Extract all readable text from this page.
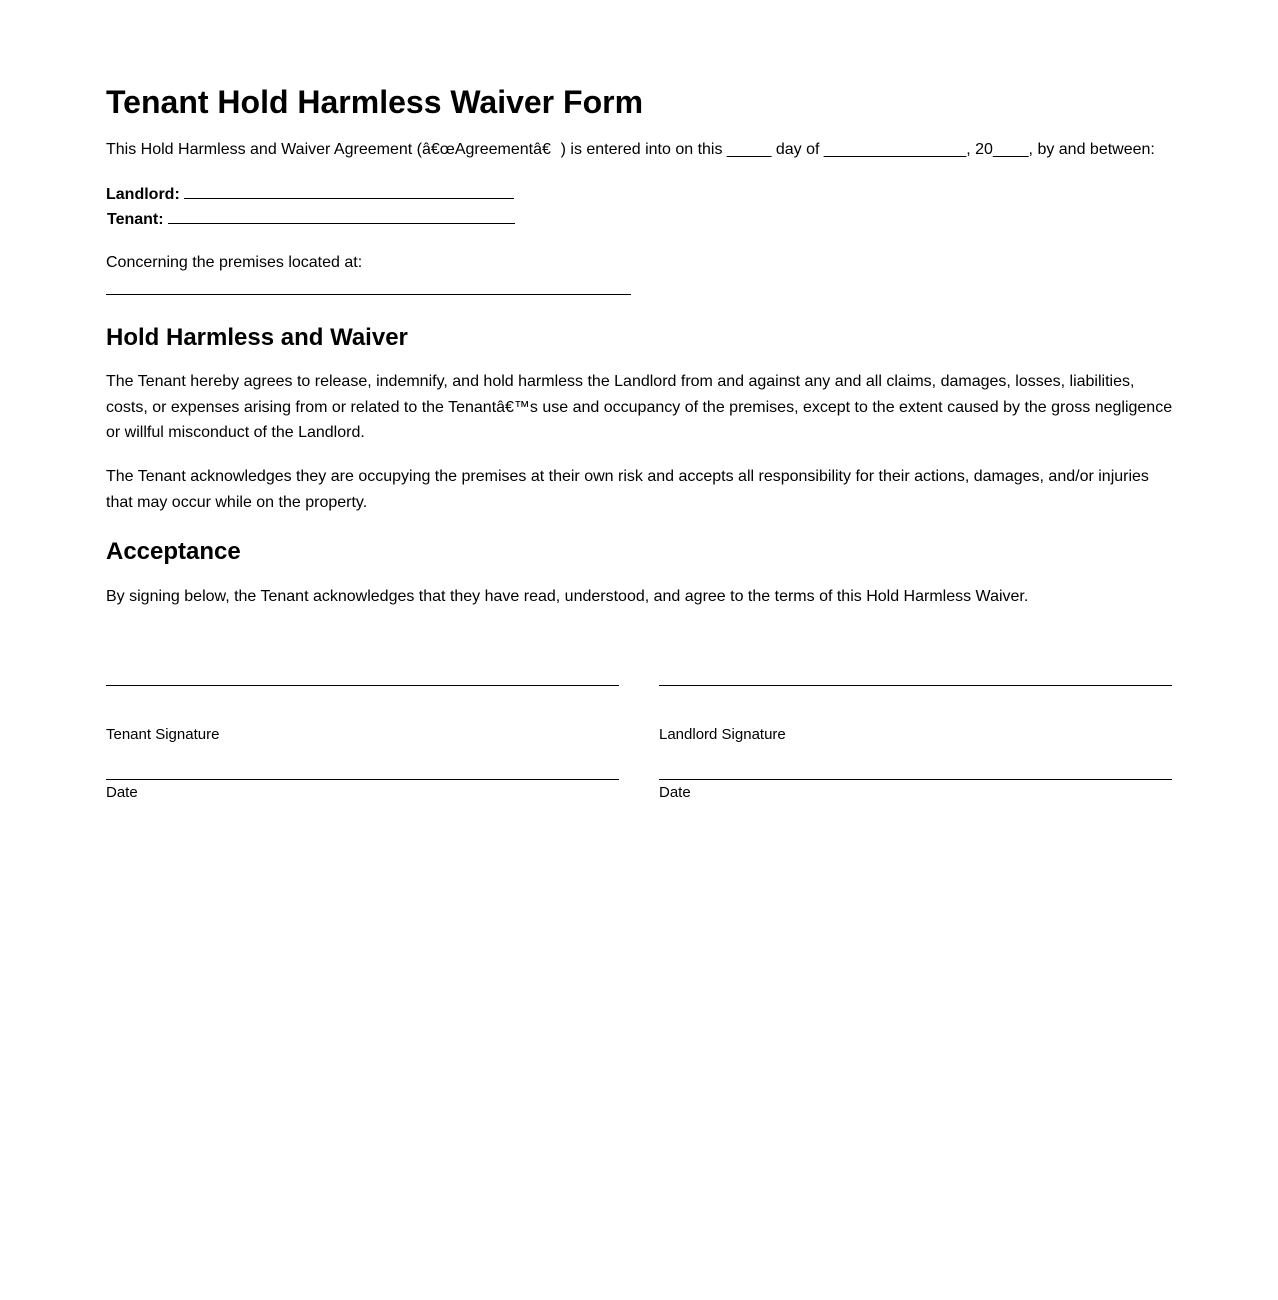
Tenant Hold Harmless Waiver Form

This Hold Harmless and Waiver Agreement (â€œAgreementâ€) is entered into on this _____ day of ________________, 20____, by and between:

Landlord:
Tenant:

Concerning the premises located at:

Hold Harmless and Waiver

The Tenant hereby agrees to release, indemnify, and hold harmless the Landlord from and against any and all claims, damages, losses, liabilities, costs, or expenses arising from or related to the Tenantâ€™s use and occupancy of the premises, except to the extent caused by the gross negligence or willful misconduct of the Landlord.

The Tenant acknowledges they are occupying the premises at their own risk and accepts all responsibility for their actions, damages, and/or injuries that may occur while on the property.

Acceptance

By signing below, the Tenant acknowledges that they have read, understood, and agree to the terms of this Hold Harmless Waiver.

Tenant Signature	Landlord Signature

Date	Date
